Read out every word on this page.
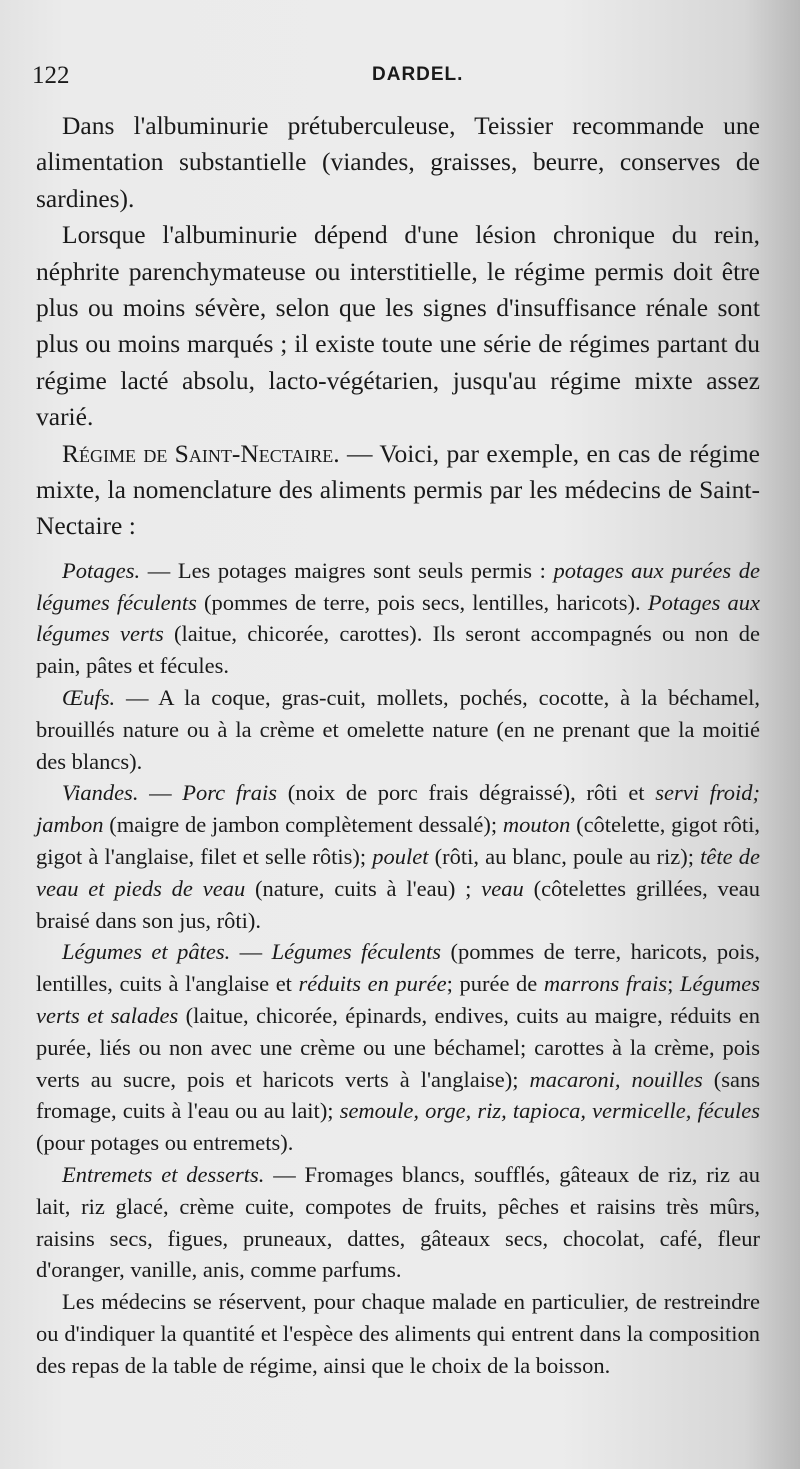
122	DARDEL.

Dans l'albuminurie prétuberculeuse, Teissier recommande une alimentation substantielle (viandes, graisses, beurre, conserves de sardines).

Lorsque l'albuminurie dépend d'une lésion chronique du rein, néphrite parenchymateuse ou interstitielle, le régime permis doit être plus ou moins sévère, selon que les signes d'insuffisance rénale sont plus ou moins marqués ; il existe toute une série de régimes partant du régime lacté absolu, lacto-végétarien, jusqu'au régime mixte assez varié.

Régime de Saint-Nectaire. — Voici, par exemple, en cas de régime mixte, la nomenclature des aliments permis par les médecins de Saint-Nectaire :

Potages. — Les potages maigres sont seuls permis : potages aux purées de légumes féculents (pommes de terre, pois secs, lentilles, haricots). Potages aux légumes verts (laitue, chicorée, carottes). Ils seront accompagnés ou non de pain, pâtes et fécules.

Œufs. — A la coque, gras-cuit, mollets, pochés, cocotte, à la béchamel, brouillés nature ou à la crème et omelette nature (en ne prenant que la moitié des blancs).

Viandes. — Porc frais (noix de porc frais dégraissé), rôti et servi froid; jambon (maigre de jambon complètement dessalé); mouton (côtelette, gigot rôti, gigot à l'anglaise, filet et selle rôtis); poulet (rôti, au blanc, poule au riz); tête de veau et pieds de veau (nature, cuits à l'eau) ; veau (côtelettes grillées, veau braisé dans son jus, rôti).

Légumes et pâtes. — Légumes féculents (pommes de terre, haricots, pois, lentilles, cuits à l'anglaise et réduits en purée; purée de marrons frais; Légumes verts et salades (laitue, chicorée, épinards, endives, cuits au maigre, réduits en purée, liés ou non avec une crème ou une béchamel; carottes à la crème, pois verts au sucre, pois et haricots verts à l'anglaise); macaroni, nouilles (sans fromage, cuits à l'eau ou au lait); semoule, orge, riz, tapioca, vermicelle, fécules (pour potages ou entremets).

Entremets et desserts. — Fromages blancs, soufflés, gâteaux de riz, riz au lait, riz glacé, crème cuite, compotes de fruits, pêches et raisins très mûrs, raisins secs, figues, pruneaux, dattes, gâteaux secs, chocolat, café, fleur d'oranger, vanille, anis, comme parfums.

Les médecins se réservent, pour chaque malade en particulier, de restreindre ou d'indiquer la quantité et l'espèce des aliments qui entrent dans la composition des repas de la table de régime, ainsi que le choix de la boisson.
